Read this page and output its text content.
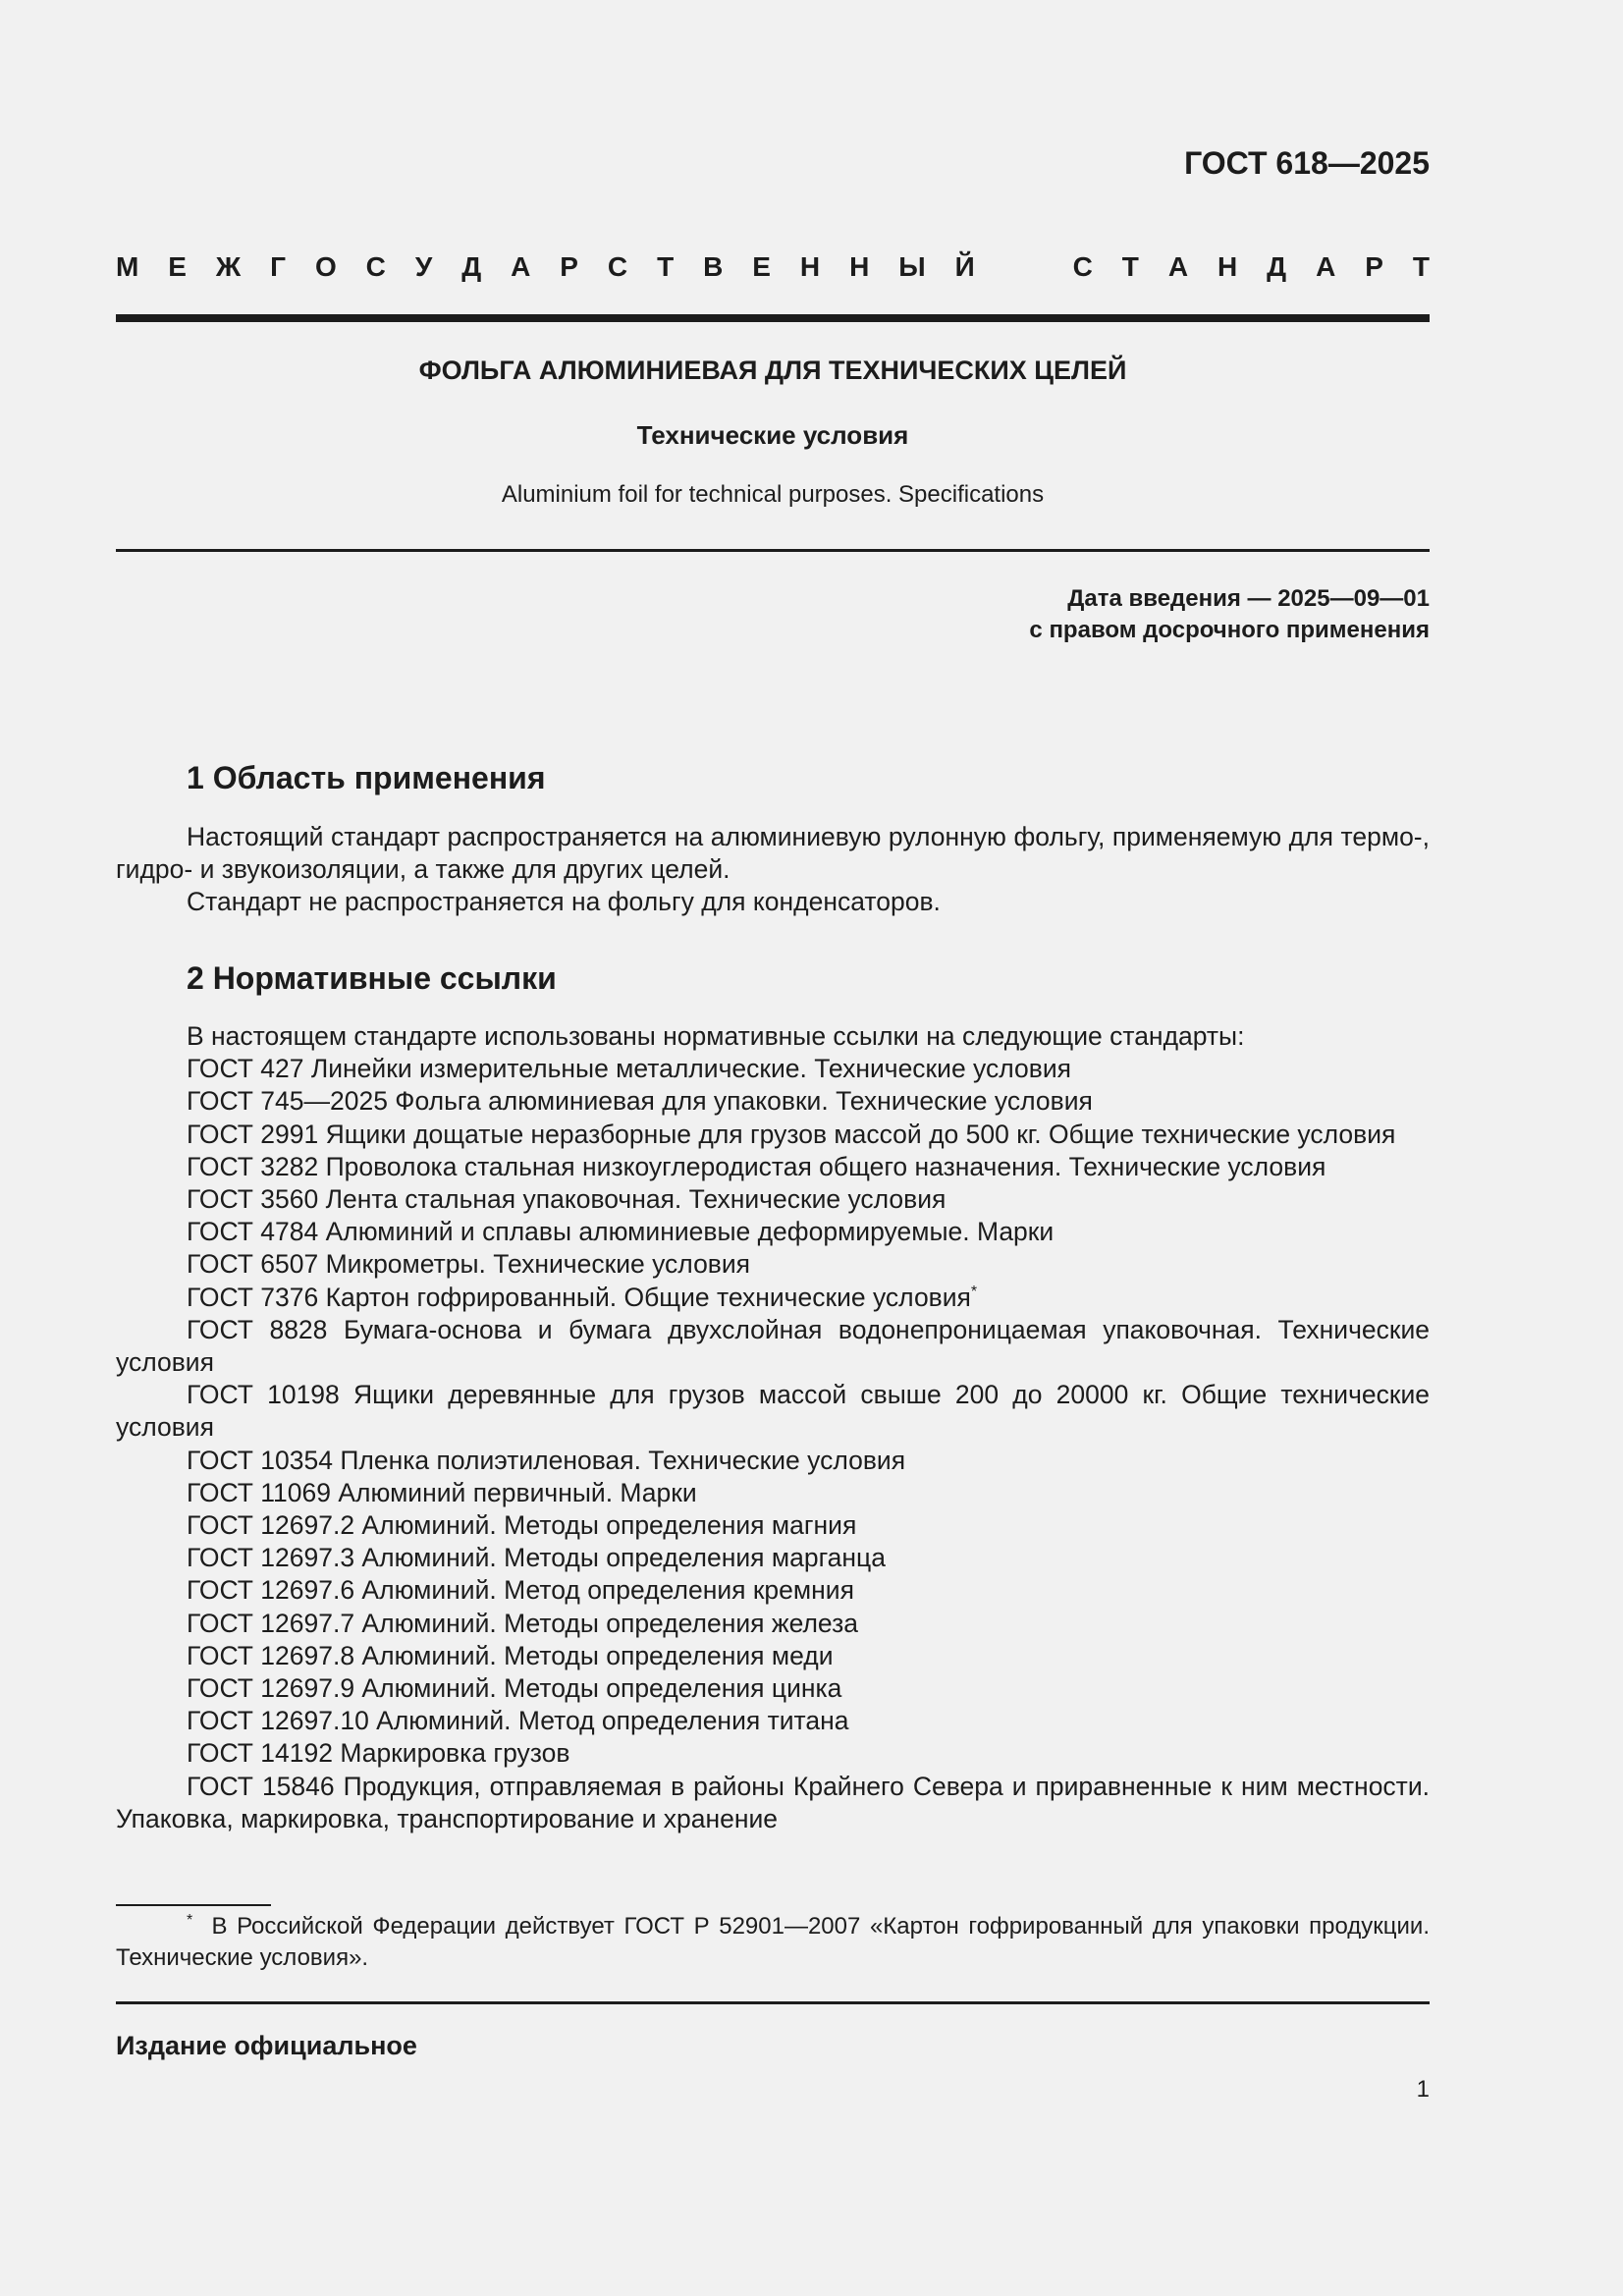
ГОСТ 618—2025
М Е Ж Г О С У Д А Р С Т В Е Н Н Ы Й	С Т А Н Д А Р Т
ФОЛЬГА АЛЮМИНИЕВАЯ ДЛЯ ТЕХНИЧЕСКИХ ЦЕЛЕЙ
Технические условия
Aluminium foil for technical purposes. Specifications
Дата введения — 2025—09—01
с правом досрочного применения
1 Область применения
Настоящий стандарт распространяется на алюминиевую рулонную фольгу, применяемую для термо-, гидро- и звукоизоляции, а также для других целей.
Стандарт не распространяется на фольгу для конденсаторов.
2 Нормативные ссылки
В настоящем стандарте использованы нормативные ссылки на следующие стандарты:
ГОСТ 427 Линейки измерительные металлические. Технические условия
ГОСТ 745—2025 Фольга алюминиевая для упаковки. Технические условия
ГОСТ 2991 Ящики дощатые неразборные для грузов массой до 500 кг. Общие технические условия
ГОСТ 3282 Проволока стальная низкоуглеродистая общего назначения. Технические условия
ГОСТ 3560 Лента стальная упаковочная. Технические условия
ГОСТ 4784 Алюминий и сплавы алюминиевые деформируемые. Марки
ГОСТ 6507 Микрометры. Технические условия
ГОСТ 7376 Картон гофрированный. Общие технические условия*
ГОСТ 8828 Бумага-основа и бумага двухслойная водонепроницаемая упаковочная. Технические условия
ГОСТ 10198 Ящики деревянные для грузов массой свыше 200 до 20000 кг. Общие технические условия
ГОСТ 10354 Пленка полиэтиленовая. Технические условия
ГОСТ 11069 Алюминий первичный. Марки
ГОСТ 12697.2 Алюминий. Методы определения магния
ГОСТ 12697.3 Алюминий. Методы определения марганца
ГОСТ 12697.6 Алюминий. Метод определения кремния
ГОСТ 12697.7 Алюминий. Методы определения железа
ГОСТ 12697.8 Алюминий. Методы определения меди
ГОСТ 12697.9 Алюминий. Методы определения цинка
ГОСТ 12697.10 Алюминий. Метод определения титана
ГОСТ 14192 Маркировка грузов
ГОСТ 15846 Продукция, отправляемая в районы Крайнего Севера и приравненные к ним местности. Упаковка, маркировка, транспортирование и хранение
* В Российской Федерации действует ГОСТ Р 52901—2007 «Картон гофрированный для упаковки продукции. Технические условия».
Издание официальное
1
